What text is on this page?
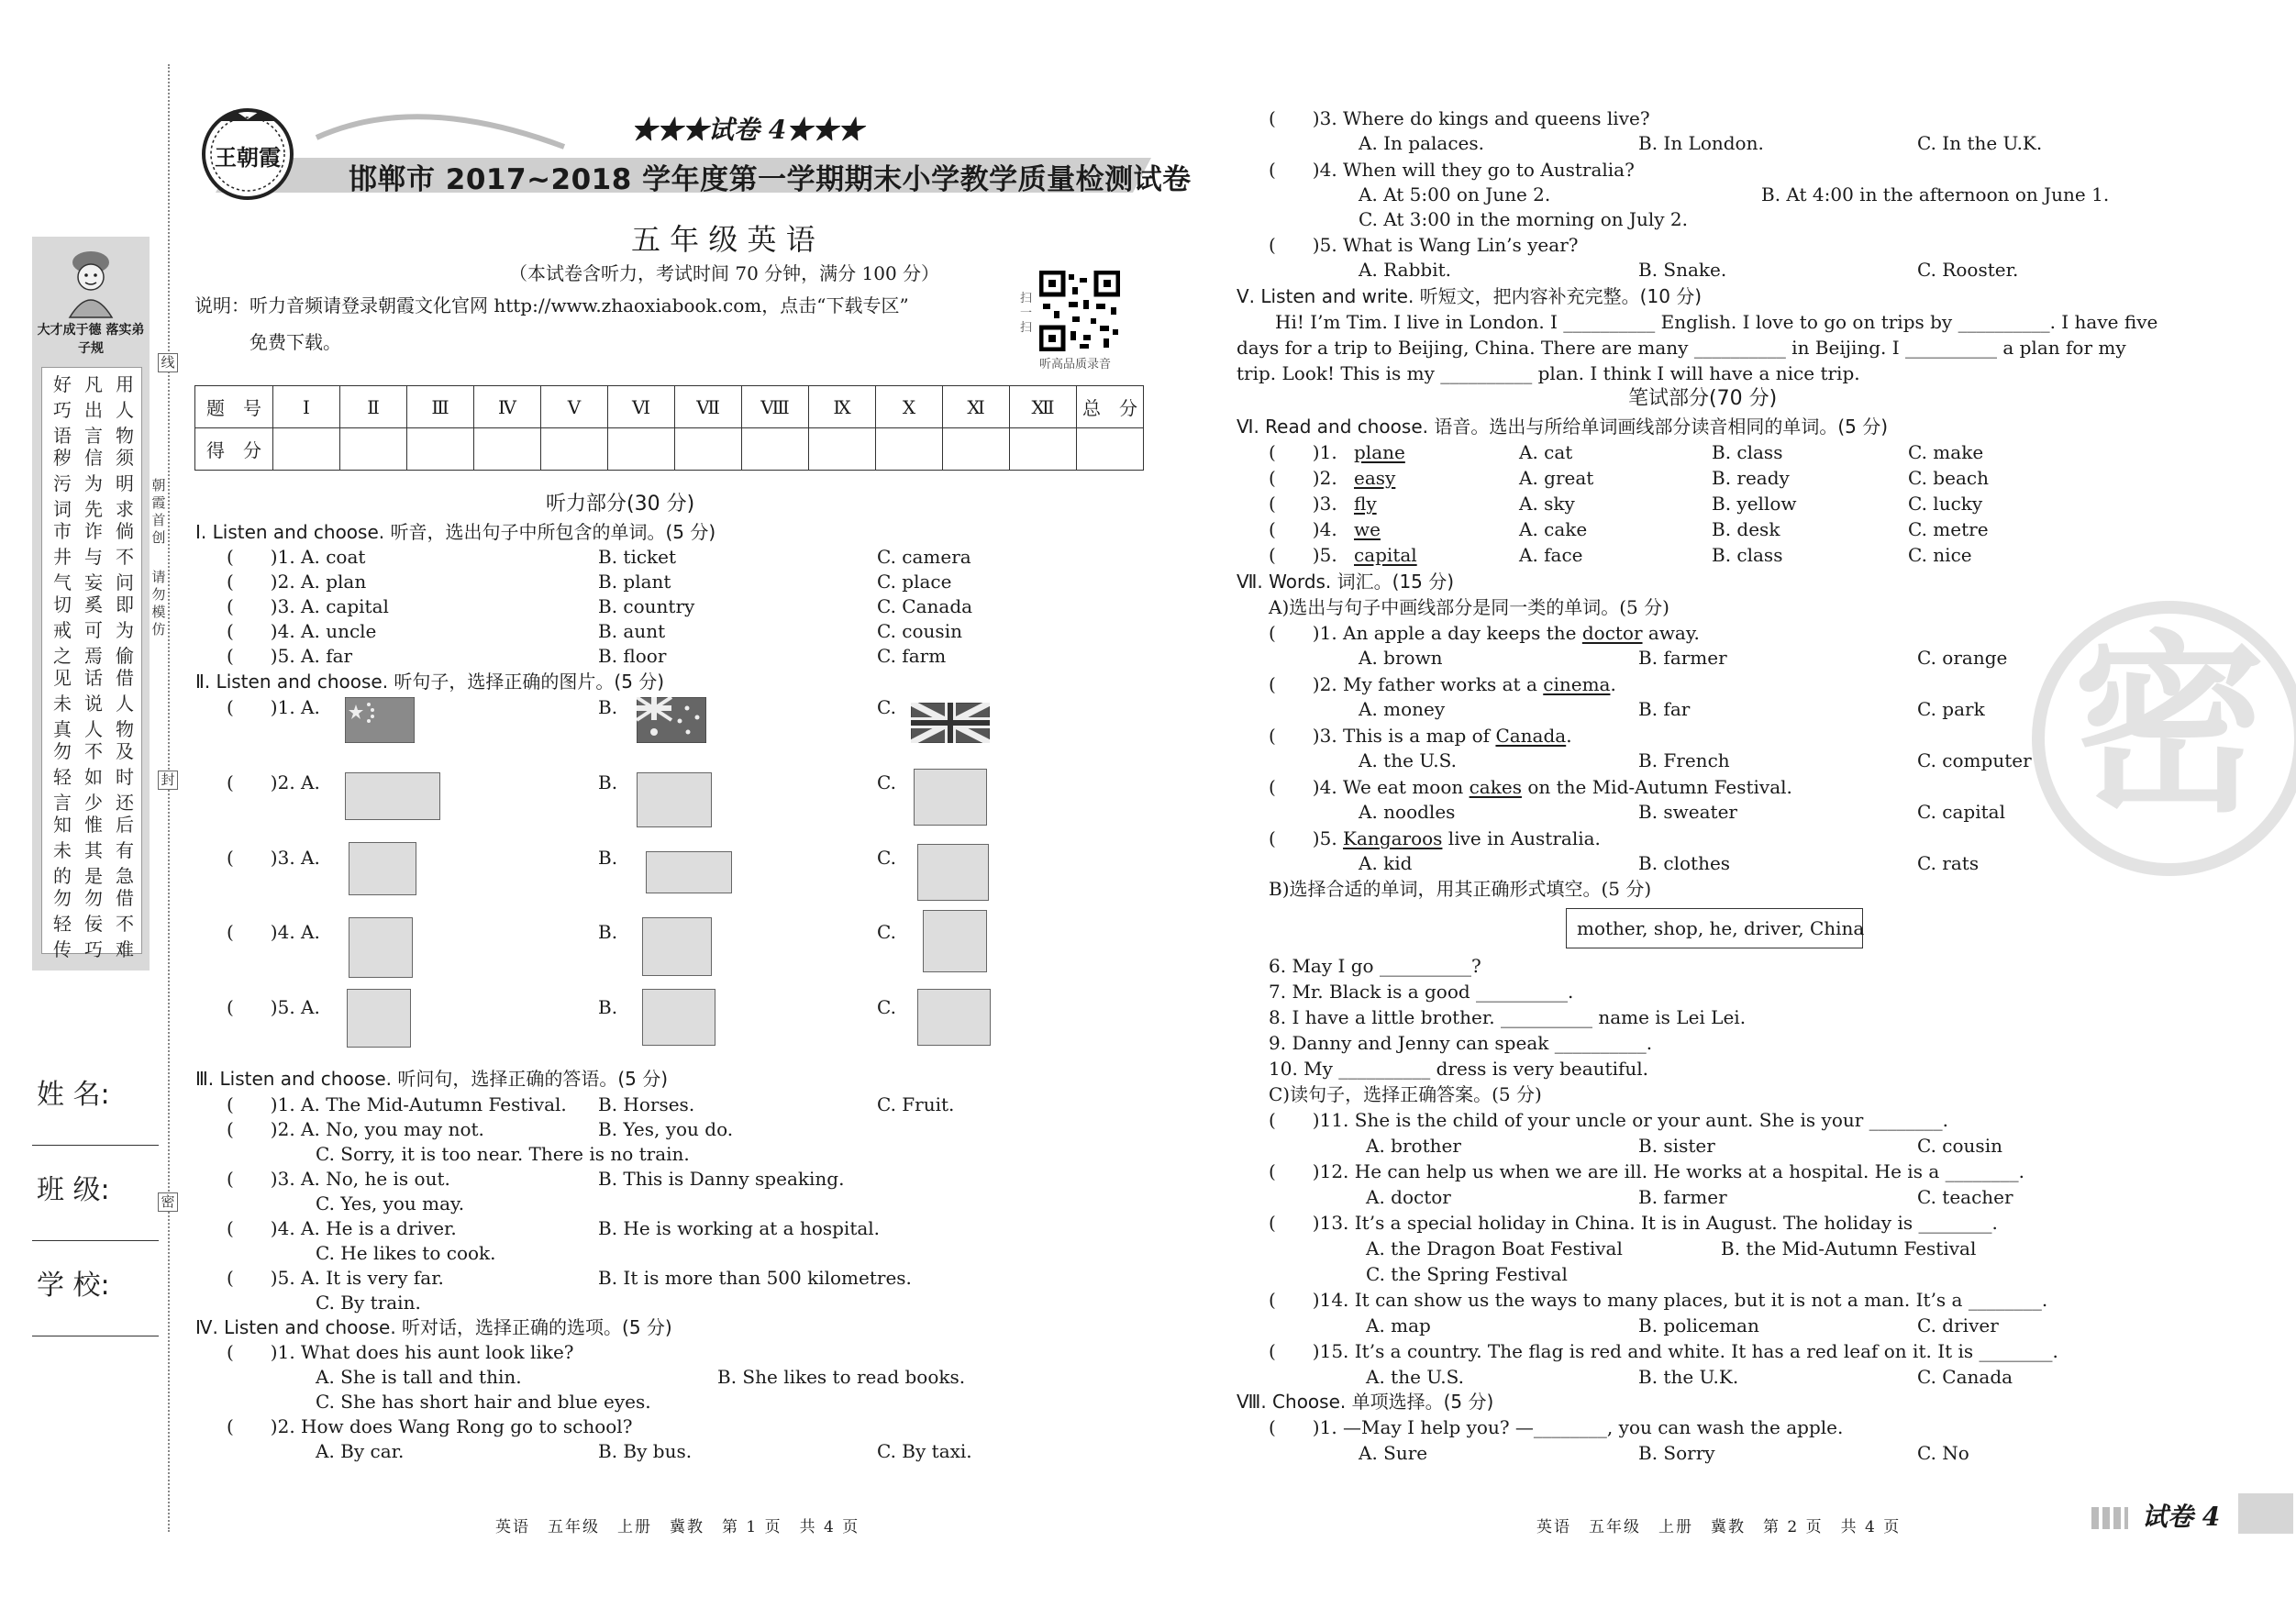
线
封
密
朝霞首创
请勿模仿
大才成于德 落实弟子规
好巧语
凡出言
用人物
秽污词
信为先
须明求
市井气
诈与妄
倘不问
切戒之
奚可焉
即为偷
见未真
话说人
借人物
勿轻言
不如少
及时还
知未的
惟其是
后有急
勿轻传
勿佞巧
借不难
姓 名:
班 级:
学 校:
王朝霞
★★★试卷 4★★★
邯郸市 2017~2018 学年度第一学期期末小学教学质量检测试卷
五 年 级 英 语
（本试卷含听力，考试时间 70 分钟，满分 100 分）
说明：听力音频请登录朝霞文化官网 http://www.zhaoxiabook.com，点击“下载专区”
免费下载。
扫一扫
听高品质录音
题　号	Ⅰ	Ⅱ	Ⅲ	Ⅳ	Ⅴ	Ⅵ	Ⅶ	Ⅷ	Ⅸ	Ⅹ	Ⅺ	Ⅻ	总　分
得　分													
听力部分(30 分)
Ⅰ. Listen and choose. 听音，选出句子中所包含的单词。(5 分)
(　　)1. A. coat	B. ticket	C. camera
(　　)2. A. plan	B. plant	C. place
(　　)3. A. capital	B. country	C. Canada
(　　)4. A. uncle	B. aunt	C. cousin
(　　)5. A. far	B. floor	C. farm
Ⅱ. Listen and choose. 听句子，选择正确的图片。(5 分)
(　　)1. A.	B.	C.
(　　)2. A.	B.	C.
(　　)3. A.	B.	C.
(　　)4. A.	B.	C.
(　　)5. A.	B.	C.
Ⅲ. Listen and choose. 听问句，选择正确的答语。(5 分)
(　　)1. A. The Mid-Autumn Festival. B. Horses.	C. Fruit.
(　　)2. A. No, you may not.	B. Yes, you do.
C. Sorry, it is too near. There is no train.
(　　)3. A. No, he is out.	B. This is Danny speaking.
C. Yes, you may.
(　　)4. A. He is a driver.	B. He is working at a hospital.
C. He likes to cook.
(　　)5. A. It is very far.	B. It is more than 500 kilometres.
C. By train.
Ⅳ. Listen and choose. 听对话，选择正确的选项。(5 分)
(　　)1. What does his aunt look like?
A. She is tall and thin.	B. She likes to read books.
C. She has short hair and blue eyes.
(　　)2. How does Wang Rong go to school?
A. By car.	B. By bus.	C. By taxi.
英语　五年级　上册　冀教　第 1 页　共 4 页
(　　)3. Where do kings and queens live?
A. In palaces.	B. In London.	C. In the U.K.
(　　)4. When will they go to Australia?
A. At 5:00 on June 2.	B. At 4:00 in the afternoon on June 1.
C. At 3:00 in the morning on July 2.
(　　)5. What is Wang Lin’s year?
A. Rabbit.	B. Snake.	C. Rooster.
Ⅴ. Listen and write. 听短文，把内容补充完整。(10 分)
Hi! I’m Tim. I live in London. I __________ English. I love to go on trips by __________. I have five
days for a trip to Beijing, China. There are many __________ in Beijing. I __________ a plan for my
trip. Look! This is my __________ plan. I think I will have a nice trip.
笔试部分(70 分)
Ⅵ. Read and choose. 语音。选出与所给单词画线部分读音相同的单词。(5 分)
(　　)1. plane	A. cat	B. class	C. make
(　　)2. easy	A. great	B. ready	C. beach
(　　)3. fly	A. sky	B. yellow	C. lucky
(　　)4. we	A. cake	B. desk	C. metre
(　　)5. capital	A. face	B. class	C. nice
Ⅶ. Words. 词汇。(15 分)
A)选出与句子中画线部分是同一类的单词。(5 分)
(　　)1. An apple a day keeps the doctor away.
A. brown	B. farmer	C. orange
(　　)2. My father works at a cinema.
A. money	B. far	C. park
(　　)3. This is a map of Canada.
A. the U.S.	B. French	C. computer
(　　)4. We eat moon cakes on the Mid-Autumn Festival.
A. noodles	B. sweater	C. capital
(　　)5. Kangaroos live in Australia.
A. kid	B. clothes	C. rats
B)选择合适的单词，用其正确形式填空。(5 分)
mother, shop, he, driver, China
6. May I go __________?
7. Mr. Black is a good __________.
8. I have a little brother. __________ name is Lei Lei.
9. Danny and Jenny can speak __________.
10. My __________ dress is very beautiful.
C)读句子，选择正确答案。(5 分)
(　　)11. She is the child of your uncle or your aunt. She is your ________.
A. brother	B. sister	C. cousin
(　　)12. He can help us when we are ill. He works at a hospital. He is a ________.
A. doctor	B. farmer	C. teacher
(　　)13. It’s a special holiday in China. It is in August. The holiday is ________.
A. the Dragon Boat Festival	B. the Mid-Autumn Festival
C. the Spring Festival
(　　)14. It can show us the ways to many places, but it is not a man. It’s a ________.
A. map	B. policeman	C. driver
(　　)15. It’s a country. The flag is red and white. It has a red leaf on it. It is ________.
A. the U.S.	B. the U.K.	C. Canada
Ⅷ. Choose. 单项选择。(5 分)
(　　)1. —May I help you? —________, you can wash the apple.
A. Sure	B. Sorry	C. No
英语　五年级　上册　冀教　第 2 页　共 4 页
密
试卷 4
